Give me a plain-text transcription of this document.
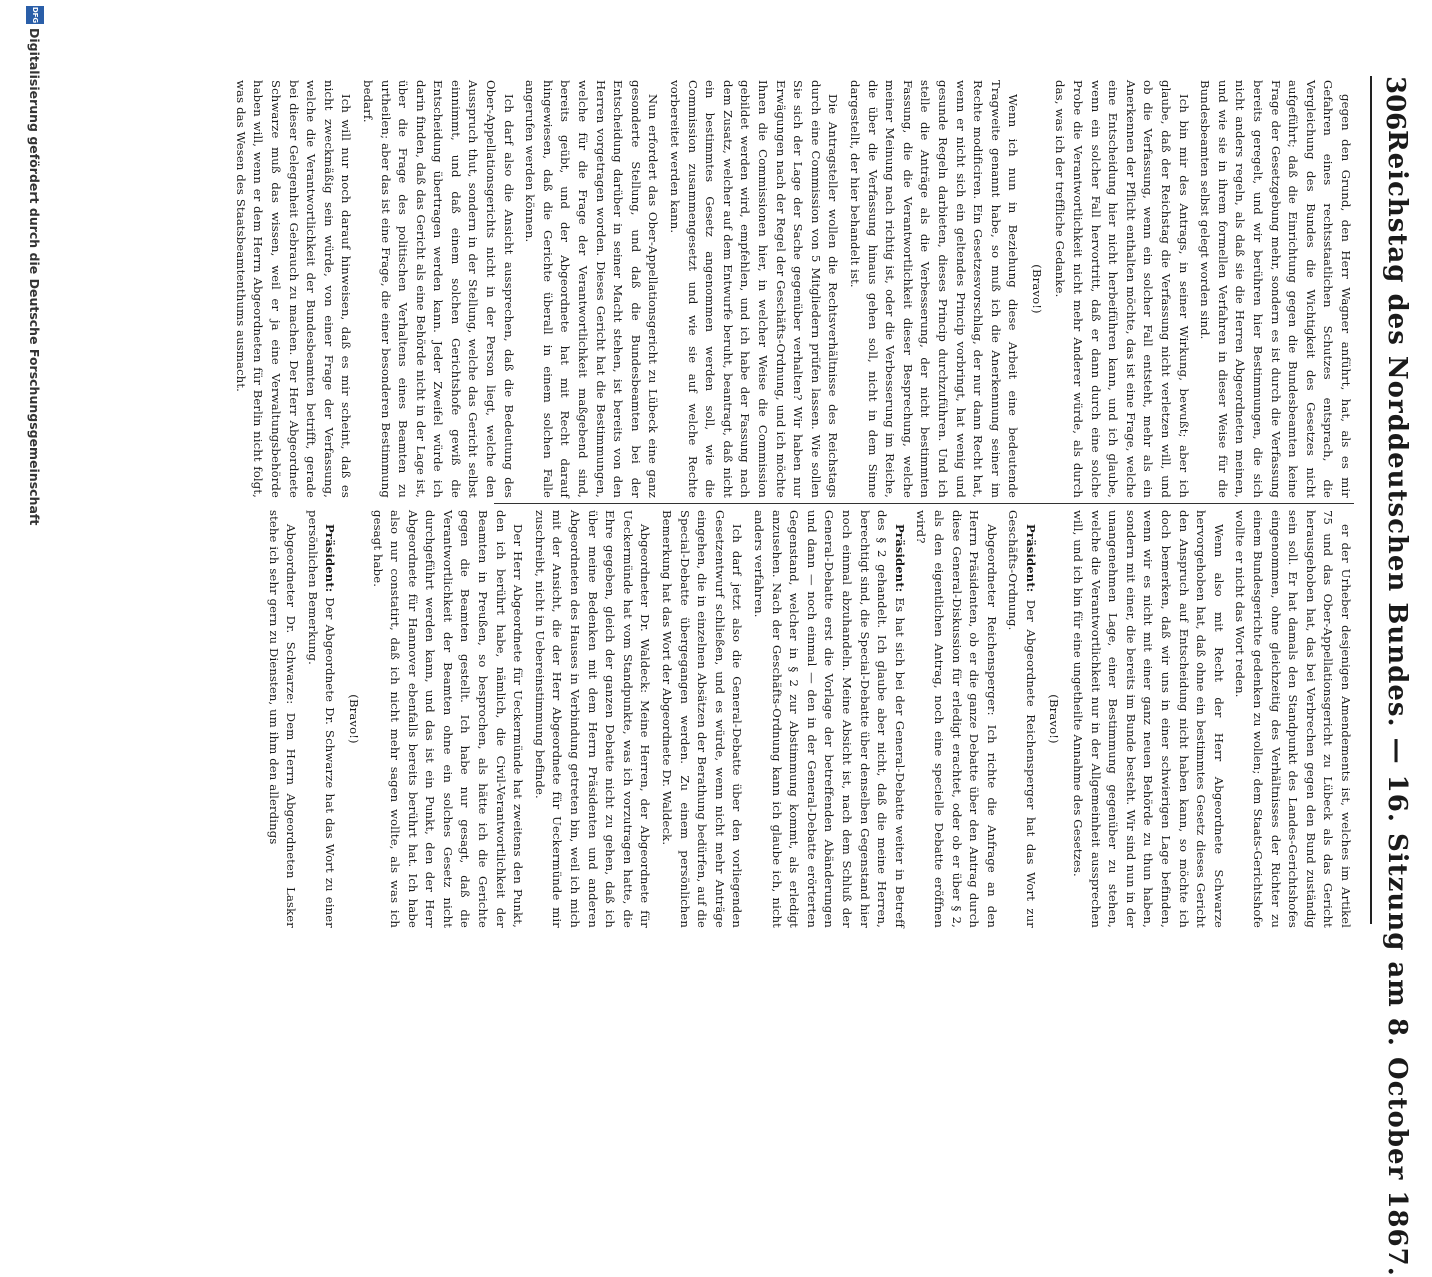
306
Reichstag des Norddeutschen Bundes. — 16. Sitzung am 8. October 1867.

gegen den Grund, den Herr Wagner anführt, hat, als es mir Gefahren eines rechtsstaatlichen Schutzes entsprach, die Vergleichung des Bundes die Wichtigkeit des Gesetzes nicht aufgeführt; daß die Einrichtung gegen die Bundesbeamten keine Frage der Gesetzgebung mehr, sondern es ist durch die Verfassung bereits geregelt, und wir berühren hier Bestimmungen, die sich nicht anders regeln, als daß sie die Herren Abgeordneten meinen, und wie sie in ihrem formellen Verfahren in dieser Weise für die Bundesbeamten selbst gelegt worden sind.

Ich bin mir des Antrags, in seiner Wirkung, bewußt; aber ich glaube, daß der Reichstag die Verfassung nicht verletzen will, und ob die Verfassung, wenn ein solcher Fall entsteht, mehr als ein Anerkennen der Pflicht enthalten möchte, das ist eine Frage, welche eine Entscheidung hier nicht herbeiführen kann, und ich glaube, wenn ein solcher Fall hervortritt, daß er dann durch eine solche Probe die Verantwortlichkeit nicht mehr Anderer würde, als durch das, was ich der treffliche Gedanke.

(Bravo!)

Wenn ich nun in Beziehung diese Arbeit eine bedeutende Tragweite genannt habe, so muß ich die Anerkennung seiner im Rechte modificiren. Ein Gesetzesvorschlag, der nur dann Recht hat, wenn er nicht sich ein geltendes Princip vorbringt, hat wenig und gesunde Regeln darbieten, dieses Princip durchzuführen. Und ich stelle die Anträge als die Verbesserung, der nicht bestimmten Fassung, die die Verantwortlichkeit dieser Besprechung, welche meiner Meinung nach richtig ist, oder die Verbesserung im Reiche, die über die Verfassung hinaus gehen soll, nicht in dem Sinne dargestellt, der hier behandelt ist.

Die Antragsteller wollen die Rechtsverhältnisse des Reichstags durch eine Commission von 5 Mitgliedern prüfen lassen. Wie sollen Sie sich der Lage der Sache gegenüber verhalten? Wir haben nur Erwägungen nach der Regel der Geschäfts-Ordnung, und ich möchte Ihnen die Commissionen hier, in welcher Weise die Commission gebildet werden wird, empfehlen, und ich habe der Fassung nach dem Zusatz, welcher auf dem Entwurfe beruht, beantragt, daß nicht ein bestimmtes Gesetz angenommen werden soll, wie die Commission zusammengesetzt und wie sie auf welche Rechte vorbereitet werden kann.

Nun erfordert das Ober-Appellationsgericht zu Lübeck eine ganz gesonderte Stellung, und daß die Bundesbeamten bei der Entscheidung darüber in seiner Macht stehen, ist bereits von den Herren vorgetragen worden. Dieses Gericht hat die Bestimmungen, welche für die Frage der Verantwortlichkeit maßgebend sind, bereits geübt, und der Abgeordnete hat mit Recht darauf hingewiesen, daß die Gerichte überall in einem solchen Falle angerufen werden können.

Ich darf also die Ansicht aussprechen, daß die Bedeutung des Ober-Appellationsgerichts nicht in der Person liegt, welche den Ausspruch thut, sondern in der Stellung, welche das Gericht selbst einnimmt, und daß einem solchen Gerichtshofe gewiß die Entscheidung übertragen werden kann. Jeder Zweifel würde ich darin finden, daß das Gericht als eine Behörde nicht in der Lage ist, über die Frage des politischen Verhaltens eines Beamten zu urtheilen; aber das ist eine Frage, die einer besonderen Bestimmung bedarf.

Ich will nur noch darauf hinweisen, daß es mir scheint, daß es nicht zweckmäßig sein würde, von einer Frage der Verfassung, welche die Verantwortlichkeit der Bundesbeamten betrifft, gerade bei dieser Gelegenheit Gebrauch zu machen. Der Herr Abgeordnete Schwarze muß das wissen, weil er ja eine Verwaltungsbehörde haben will, wenn er dem Herrn Abgeordneten für Berlin nicht folgt, was das Wesen des Staatsbeamtenthums ausmacht.

er der Urheber desjenigen Amendements ist, welches im Artikel 75 und das Ober-Appellationsgericht zu Lübeck als das Gericht herausgehoben hat, das bei Verbrechen gegen den Bund zuständig sein soll. Er hat damals den Standpunkt des Landes-Gerichtshofes eingenommen, ohne gleichzeitig des Verhältnisses der Richter zu einem Bundesgerichte gedenken zu wollen; dem Staats-Gerichtshofe wollte er nicht das Wort reden.

Wenn also mit Recht der Herr Abgeordnete Schwarze hervorgehoben hat, daß ohne ein bestimmtes Gesetz dieses Gericht den Anspruch auf Entscheidung nicht haben kann, so möchte ich doch bemerken, daß wir uns in einer schwierigen Lage befinden, wenn wir es nicht mit einer ganz neuen Behörde zu thun haben, sondern mit einer, die bereits im Bunde besteht. Wir sind nun in der unangenehmen Lage, einer Bestimmung gegenüber zu stehen, welche die Verantwortlichkeit nur in der Allgemeinheit aussprechen will, und ich bin für eine ungetheilte Annahme des Gesetzes.

(Bravo!)

Präsident: Der Abgeordnete Reichensperger hat das Wort zur Geschäfts-Ordnung.

Abgeordneter Reichensperger: Ich richte die Anfrage an den Herrn Präsidenten, ob er die ganze Debatte über den Antrag durch diese General-Diskussion für erledigt erachtet, oder ob er über § 2, als den eigentlichen Antrag, noch eine specielle Debatte eröffnen wird?

Präsident: Es hat sich bei der General-Debatte weiter in Betreff des § 2 gehandelt. Ich glaube aber nicht, daß die meine Herren, berechtigt sind, die Special-Debatte über denselben Gegenstand hier noch einmal abzuhandeln. Meine Absicht ist, nach dem Schluß der General-Debatte erst die Vorlage der betreffenden Abänderungen und dann — noch einmal — den in der General-Debatte erörterten Gegenstand, welcher in § 2 zur Abstimmung kommt, als erledigt anzusehen. Nach der Geschäfts-Ordnung kann ich glaube ich, nicht anders verfahren.

Ich darf jetzt also die General-Debatte über den vorliegenden Gesetzentwurf schließen, und es würde, wenn nicht mehr Anträge eingehen, die in einzelnen Absätzen der Berathung bedürfen, auf die Special-Debatte übergegangen werden. Zu einem persönlichen Bemerkung hat das Wort der Abgeordnete Dr. Waldeck.

Abgeordneter Dr. Waldeck: Meine Herren, der Abgeordnete für Ueckermünde hat vom Standpunkte, was ich vorzutragen hatte, die Ehre gegeben, gleich der ganzen Debatte nicht zu gehen, daß ich über meine Bedenken mit dem Herrn Präsidenten und anderen Abgeordneten des Hauses in Verbindung getreten bin, weil ich mich mit der Ansicht, die der Herr Abgeordnete für Ueckermünde mir zuschreibt, nicht in Uebereinstimmung befinde.

Der Herr Abgeordnete für Ueckermünde hat zweitens den Punkt, den ich berührt habe, nämlich, die Civil-Verantwortlichkeit der Beamten in Preußen, so besprochen, als hätte ich die Gerichte gegen die Beamten gestellt. Ich habe nur gesagt, daß die Verantwortlichkeit der Beamten ohne ein solches Gesetz nicht durchgeführt werden kann, und das ist ein Punkt, den der Herr Abgeordnete für Hannover ebenfalls bereits berührt hat. Ich habe also nur constatirt, daß ich nicht mehr sagen wollte, als was ich gesagt habe.

(Bravo!)

Präsident: Der Abgeordnete Dr. Schwarze hat das Wort zu einer persönlichen Bemerkung.

Abgeordneter Dr. Schwarze: Dem Herrn Abgeordneten Lasker stehe ich sehr gern zu Diensten, um ihm den allerdings

DFG
Digitalisierung gefördert durch die Deutsche Forschungsgemeinschaft
